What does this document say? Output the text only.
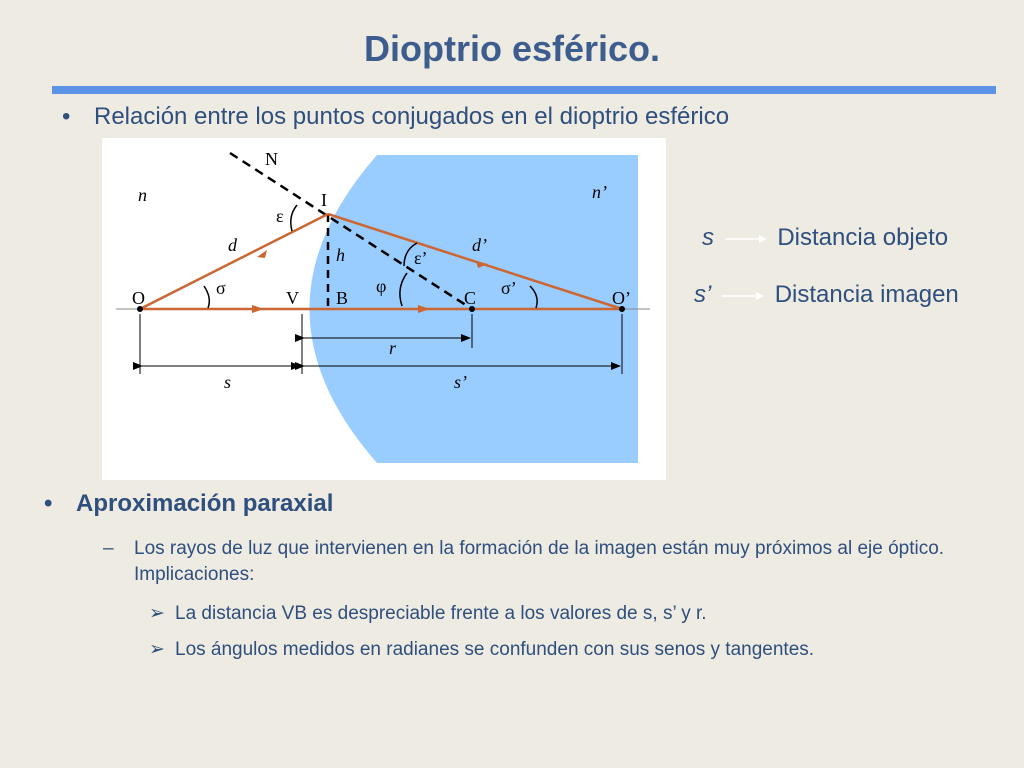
Dioptrio esférico.
• Relación entre los puntos conjugados en el dioptrio esférico
N
n	n’
I
ε
ε’
d	d’
h
O	σ	V B
φ
C σ’	O’
r
s	s’
s	Distancia objeto
s’	Distancia imagen
• Aproximación paraxial
– Los rayos de luz que intervienen en la formación de la imagen están muy próximos al eje óptico. Implicaciones:
➢ La distancia VB es despreciable frente a los valores de s, s’ y r.
➢ Los ángulos medidos en radianes se confunden con sus senos y tangentes.
